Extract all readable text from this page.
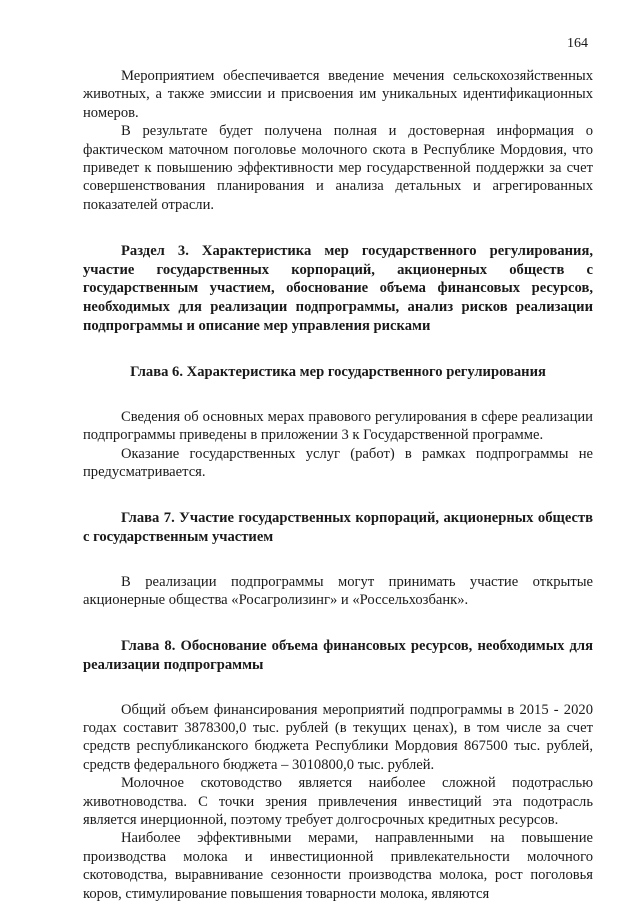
164

Мероприятием обеспечивается введение мечения сельскохозяйственных животных, а также эмиссии и присвоения им уникальных идентификационных номеров.

В результате будет получена полная и достоверная информация о фактическом маточном поголовье молочного скота в Республике Мордовия, что приведет к повышению эффективности мер государственной поддержки за счет совершенствования планирования и анализа детальных и агрегированных показателей отрасли.

Раздел 3. Характеристика мер государственного регулирования, участие государственных корпораций, акционерных обществ с государственным участием, обоснование объема финансовых ресурсов, необходимых для реализации подпрограммы, анализ рисков реализации подпрограммы и описание мер управления рисками

Глава 6. Характеристика мер государственного регулирования

Сведения об основных мерах правового регулирования в сфере реализации подпрограммы приведены в приложении 3 к Государственной программе.

Оказание государственных услуг (работ) в рамках подпрограммы не предусматривается.

Глава 7. Участие государственных корпораций, акционерных обществ с государственным участием

В реализации подпрограммы могут принимать участие открытые акционерные общества «Росагролизинг» и «Россельхозбанк».

Глава 8. Обоснование объема финансовых ресурсов, необходимых для реализации подпрограммы

Общий объем финансирования мероприятий подпрограммы в 2015 - 2020 годах составит 3878300,0 тыс. рублей (в текущих ценах), в том числе за счет средств республиканского бюджета Республики Мордовия 867500 тыс. рублей, средств федерального бюджета – 3010800,0 тыс. рублей.

Молочное скотоводство является наиболее сложной подотраслью животноводства. С точки зрения привлечения инвестиций эта подотрасль является инерционной, поэтому требует долгосрочных кредитных ресурсов.

Наиболее эффективными мерами, направленными на повышение производства молока и инвестиционной привлекательности молочного скотоводства, выравнивание сезонности производства молока, рост поголовья коров, стимулирование повышения товарности молока, являются
